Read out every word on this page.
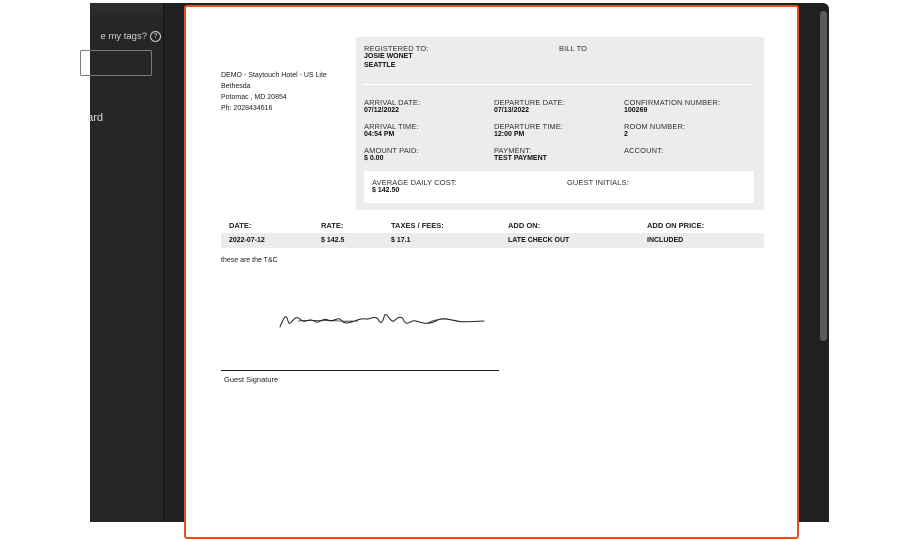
e my tags? ?
ard
DEMO - Staytouch Hotel - US Lite
Bethesda
Potomac , MD 20854
Ph: 2028434616
REGISTERED TO:
JOSIE WONET
SEATTLE
BILL TO
ARRIVAL DATE:
07/12/2022
DEPARTURE DATE:
07/13/2022
CONFIRMATION NUMBER:
100269
ARRIVAL TIME:
04:54 PM
DEPARTURE TIME:
12:00 PM
ROOM NUMBER:
2
AMOUNT PAID:
$ 0.00
PAYMENT:
TEST PAYMENT
ACCOUNT:
AVERAGE DAILY COST:
$ 142.50
GUEST INITIALS:
DATE:	RATE:	TAXES / FEES:	ADD ON:	ADD ON PRICE:
2022-07-12	$ 142.5	$ 17.1	LATE CHECK OUT	INCLUDED
these are the T&C
Guest Signature
